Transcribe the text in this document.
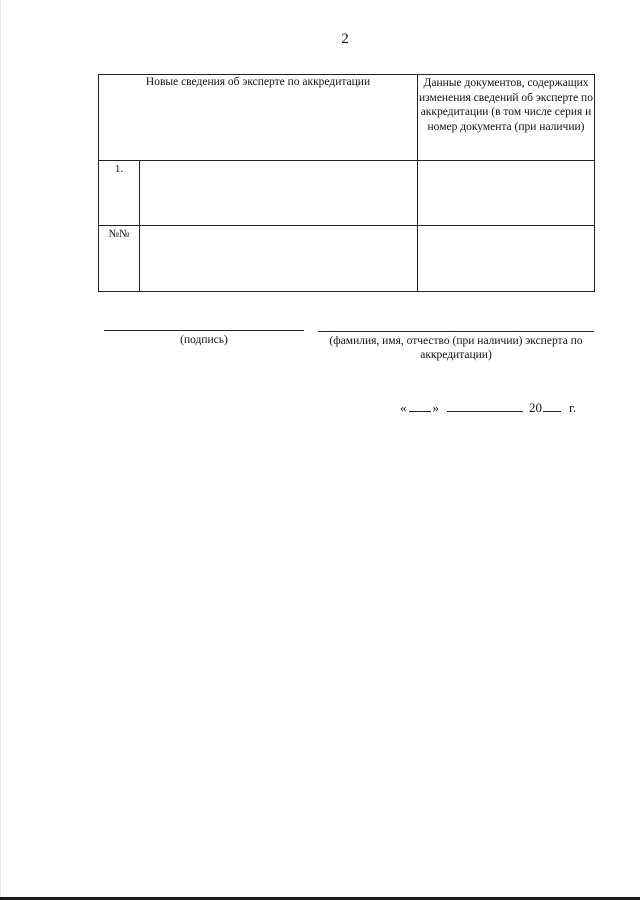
2
Новые сведения об эксперте по аккредитации		Данные документов, содержащих изменения сведений об эксперте по аккредитации (в том числе серия и номер документа (при наличии)
1.		
№№		
(подпись)	(фамилия, имя, отчество (при наличии) эксперта по аккредитации)
« »	20 г.
